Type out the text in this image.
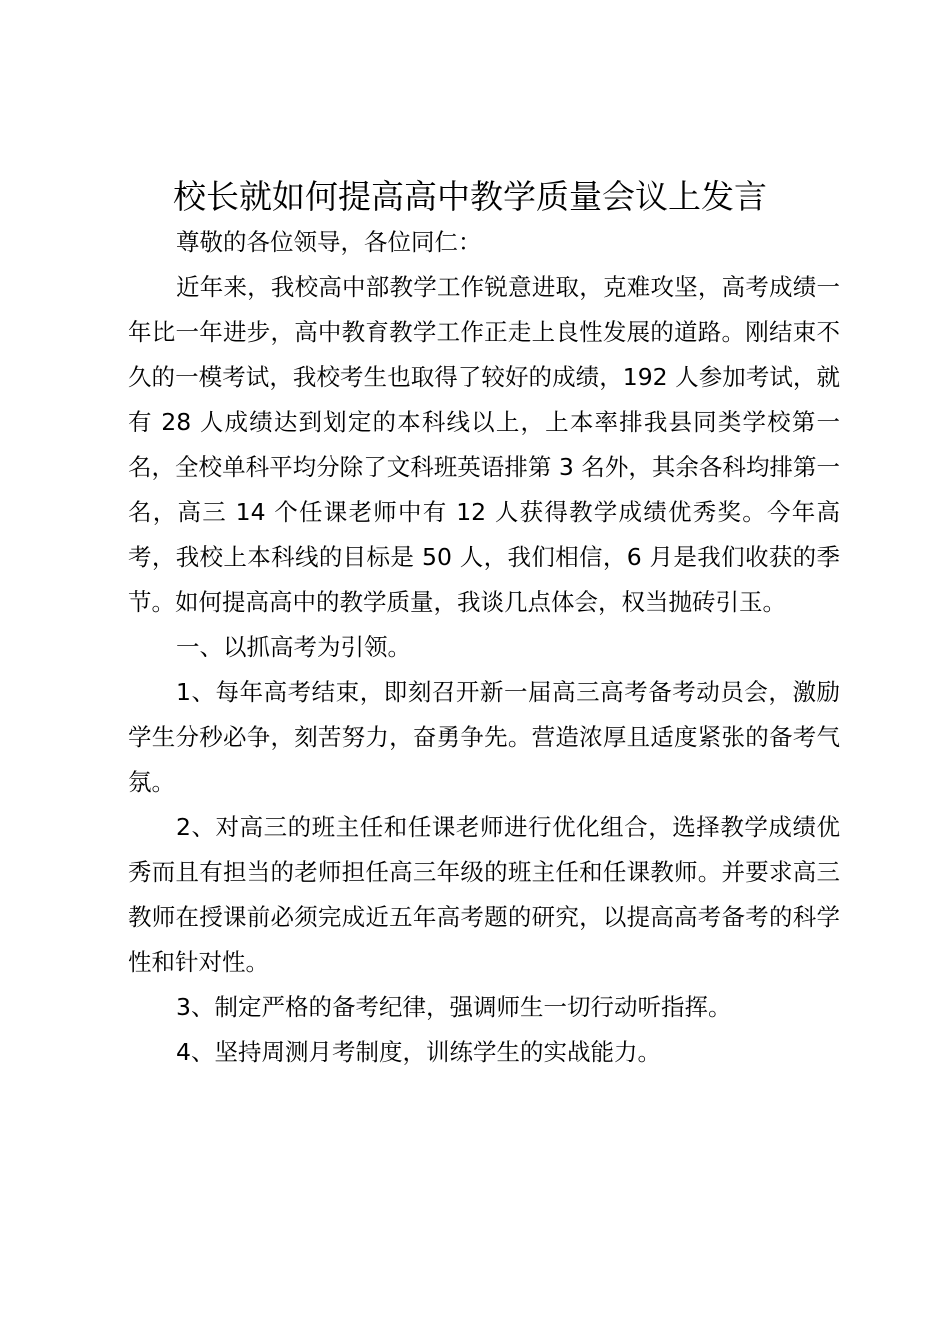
校长就如何提高高中教学质量会议上发言

尊敬的各位领导，各位同仁：

近年来，我校高中部教学工作锐意进取，克难攻坚，高考成绩一年比一年进步，高中教育教学工作正走上良性发展的道路。刚结束不久的一模考试，我校考生也取得了较好的成绩，192 人参加考试，就有 28 人成绩达到划定的本科线以上，上本率排我县同类学校第一名，全校单科平均分除了文科班英语排第 3 名外，其余各科均排第一名，高三 14 个任课老师中有 12 人获得教学成绩优秀奖。今年高考，我校上本科线的目标是 50 人，我们相信，6 月是我们收获的季节。如何提高高中的教学质量，我谈几点体会，权当抛砖引玉。

一、以抓高考为引领。

1、每年高考结束，即刻召开新一届高三高考备考动员会，激励学生分秒必争，刻苦努力，奋勇争先。营造浓厚且适度紧张的备考气氛。

2、对高三的班主任和任课老师进行优化组合，选择教学成绩优秀而且有担当的老师担任高三年级的班主任和任课教师。并要求高三教师在授课前必须完成近五年高考题的研究，以提高高考备考的科学性和针对性。

3、制定严格的备考纪律，强调师生一切行动听指挥。

4、坚持周测月考制度，训练学生的实战能力。
